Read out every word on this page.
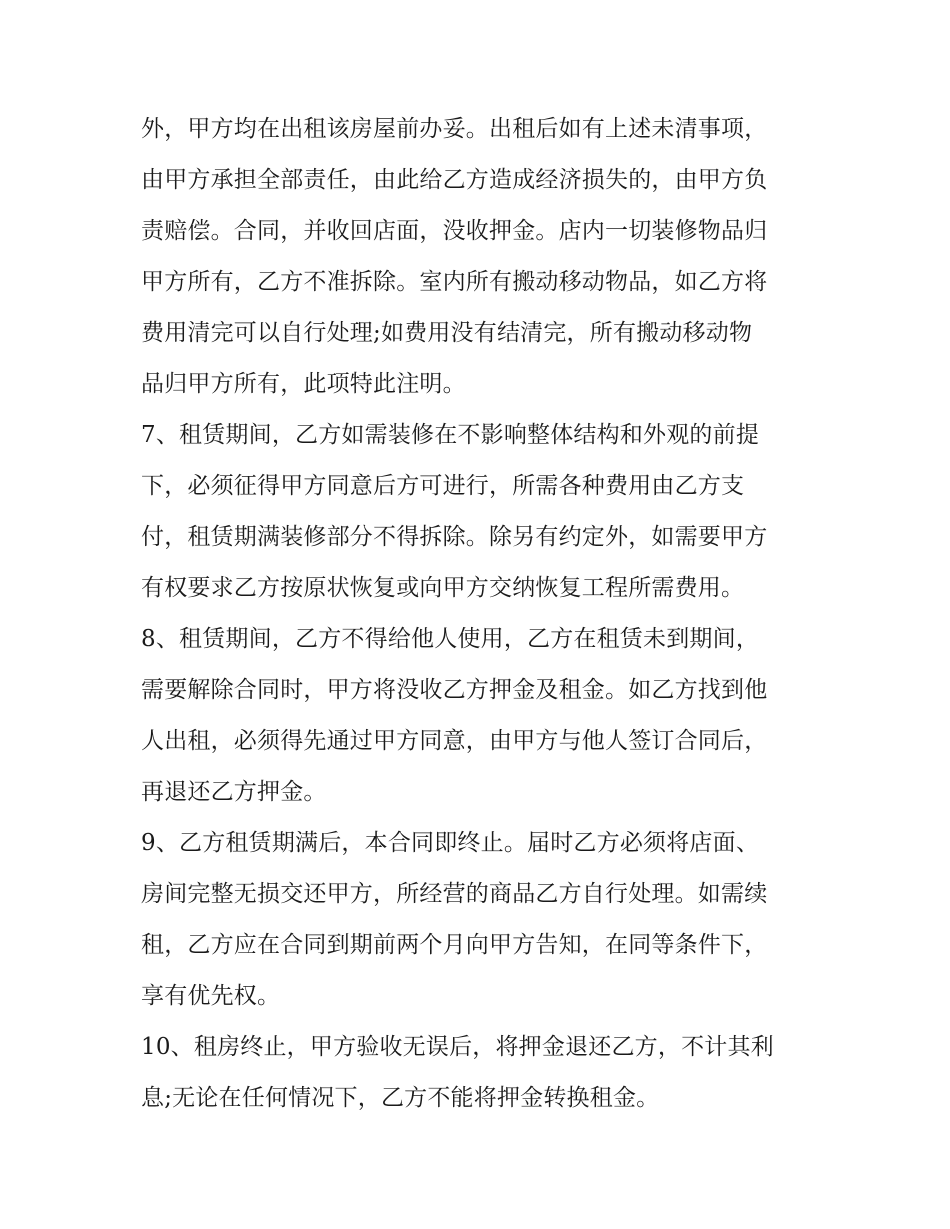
外，甲方均在出租该房屋前办妥。出租后如有上述未清事项，
由甲方承担全部责任，由此给乙方造成经济损失的，由甲方负
责赔偿。合同，并收回店面，没收押金。店内一切装修物品归
甲方所有，乙方不准拆除。室内所有搬动移动物品，如乙方将
费用清完可以自行处理;如费用没有结清完，所有搬动移动物
品归甲方所有，此项特此注明。
7、租赁期间，乙方如需装修在不影响整体结构和外观的前提
下，必须征得甲方同意后方可进行，所需各种费用由乙方支
付，租赁期满装修部分不得拆除。除另有约定外，如需要甲方
有权要求乙方按原状恢复或向甲方交纳恢复工程所需费用。
8、租赁期间，乙方不得给他人使用，乙方在租赁未到期间，
需要解除合同时，甲方将没收乙方押金及租金。如乙方找到他
人出租，必须得先通过甲方同意，由甲方与他人签订合同后，
再退还乙方押金。
9、乙方租赁期满后，本合同即终止。届时乙方必须将店面、
房间完整无损交还甲方，所经营的商品乙方自行处理。如需续
租，乙方应在合同到期前两个月向甲方告知，在同等条件下，
享有优先权。
10、租房终止，甲方验收无误后，将押金退还乙方，不计其利
息;无论在任何情况下，乙方不能将押金转换租金。
